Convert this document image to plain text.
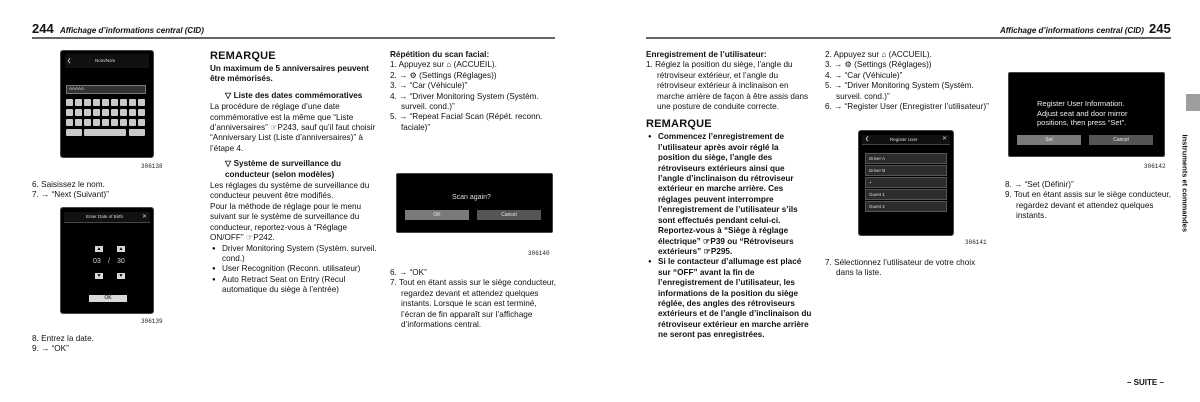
244 Affichage d’informations central (CID)
❮	Nom/Nom
AAAAA
306138
6. Saisissez le nom.
7. → “Next (Suivant)”
Enter Date of Birth	✕
▲	▲
03 / 30
▼	▼
OK
306139
8. Entrez la date.
9. → “OK”
REMARQUE
Un maximum de 5 anniversaires peuvent être mémorisés.
▽ Liste des dates commémoratives
La procédure de réglage d’une date commémorative est la même que “Liste d’anniversaires” ☞P243, sauf qu’il faut choisir “Anniversary List (Liste d’anniversaires)” à l’étape 4.
▽ Système de surveillance du conducteur (selon modèles)
Les réglages du système de surveillance du conducteur peuvent être modifiés.
Pour la méthode de réglage pour le menu suivant sur le système de surveillance du conducteur, reportez-vous à “Réglage ON/OFF” ☞P242.
● Driver Monitoring System (Systèm. surveil. cond.)
● User Recognition (Reconn. utilisateur)
● Auto Retract Seat on Entry (Recul automatique du siège à l’entrée)
Répétition du scan facial:
1. Appuyez sur ⌂ (ACCUEIL).
2. → ⚙ (Settings (Réglages))
3. → “Car (Véhicule)”
4. → “Driver Monitoring System (Systèm. surveil. cond.)”
5. → “Repeat Facial Scan (Répét. reconn. faciale)”
Scan again?
OK	Cancel
306140
6. → “OK”
7. Tout en étant assis sur le siège conducteur, regardez devant et attendez quelques instants. Lorsque le scan est terminé, l’écran de fin apparaît sur l’affichage d’informations central.
Affichage d’informations central (CID) 245
Enregistrement de l’utilisateur:
1. Réglez la position du siège, l’angle du rétroviseur extérieur, et l’angle du rétroviseur extérieur à inclinaison en marche arrière de façon à être assis dans une posture de conduite correcte.
REMARQUE
● Commencez l’enregistrement de l’utilisateur après avoir réglé la position du siège, l’angle des rétroviseurs extérieurs ainsi que l’angle d’inclinaison du rétroviseur extérieur en marche arrière. Ces réglages peuvent interrompre l’enregistrement de l’utilisateur s’ils sont effectués pendant celui-ci. Reportez-vous à “Siège à réglage électrique” ☞P39 ou “Rétroviseurs extérieurs” ☞P295.
● Si le contacteur d’allumage est placé sur “OFF” avant la fin de l’enregistrement de l’utilisateur, les informations de la position du siège réglée, des angles des rétroviseurs extérieurs et de l’angle d’inclinaison du rétroviseur extérieur en marche arrière ne seront pas enregistrées.
2. Appuyez sur ⌂ (ACCUEIL).
3. → ⚙ (Settings (Réglages))
4. → “Car (Véhicule)”
5. → “Driver Monitoring System (Systèm. surveil. cond.)”
6. → “Register User (Enregistrer l’utilisateur)”
❮	Register User	✕
Driver A
Driver B
+
Guest 1
Guest 2
306141
7. Sélectionnez l’utilisateur de votre choix dans la liste.
Register User Information.
Adjust seat and door mirror
positions, then press “Set”.
Set	Cancel
306142
8. → “Set (Définir)”
9. Tout en étant assis sur le siège conducteur, regardez devant et attendez quelques instants.	Instruments et commandes
– SUITE –
